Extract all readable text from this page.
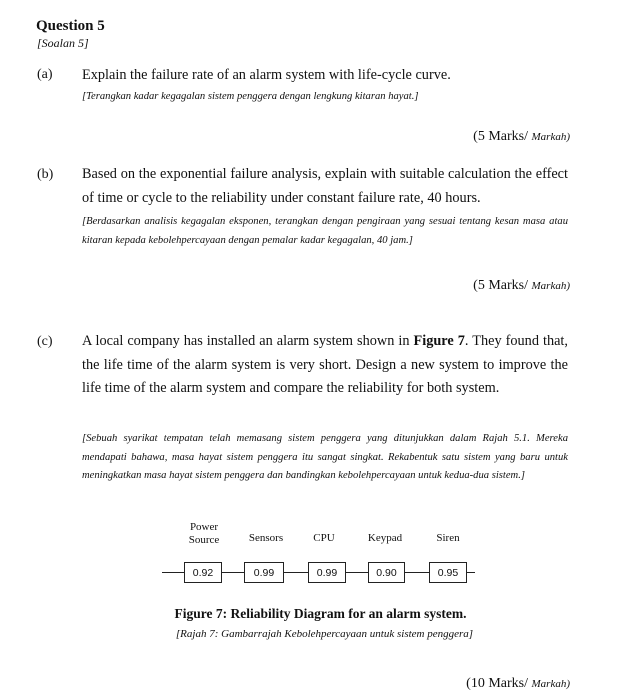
Question 5
[Soalan 5]
(a) Explain the failure rate of an alarm system with life-cycle curve.
[Terangkan kadar kegagalan sistem penggera dengan lengkung kitaran hayat.]
(5 Marks/ Markah)
(b) Based on the exponential failure analysis, explain with suitable calculation the effect of time or cycle to the reliability under constant failure rate, 40 hours.
[Berdasarkan analisis kegagalan eksponen, terangkan dengan pengiraan yang sesuai tentang kesan masa atau kitaran kepada kebolehpercayaan dengan pemalar kadar kegagalan, 40 jam.]
(5 Marks/ Markah)
(c) A local company has installed an alarm system shown in Figure 7. They found that, the life time of the alarm system is very short. Design a new system to improve the life time of the alarm system and compare the reliability for both system.
[Sebuah syarikat tempatan telah memasang sistem penggera yang ditunjukkan dalam Rajah 5.1. Mereka mendapati bahawa, masa hayat sistem penggera itu sangat singkat. Rekabentuk satu sistem yang baru untuk meningkatkan masa hayat sistem penggera dan bandingkan kebolehpercayaan untuk kedua-dua sistem.]
Power
Source	Sensors	CPU	Keypad	Siren
0.92	0.99	0.99	0.90	0.95
Figure 7: Reliability Diagram for an alarm system.
[Rajah 7: Gambarrajah Kebolehpercayaan untuk sistem penggera]
(10 Marks/ Markah)
